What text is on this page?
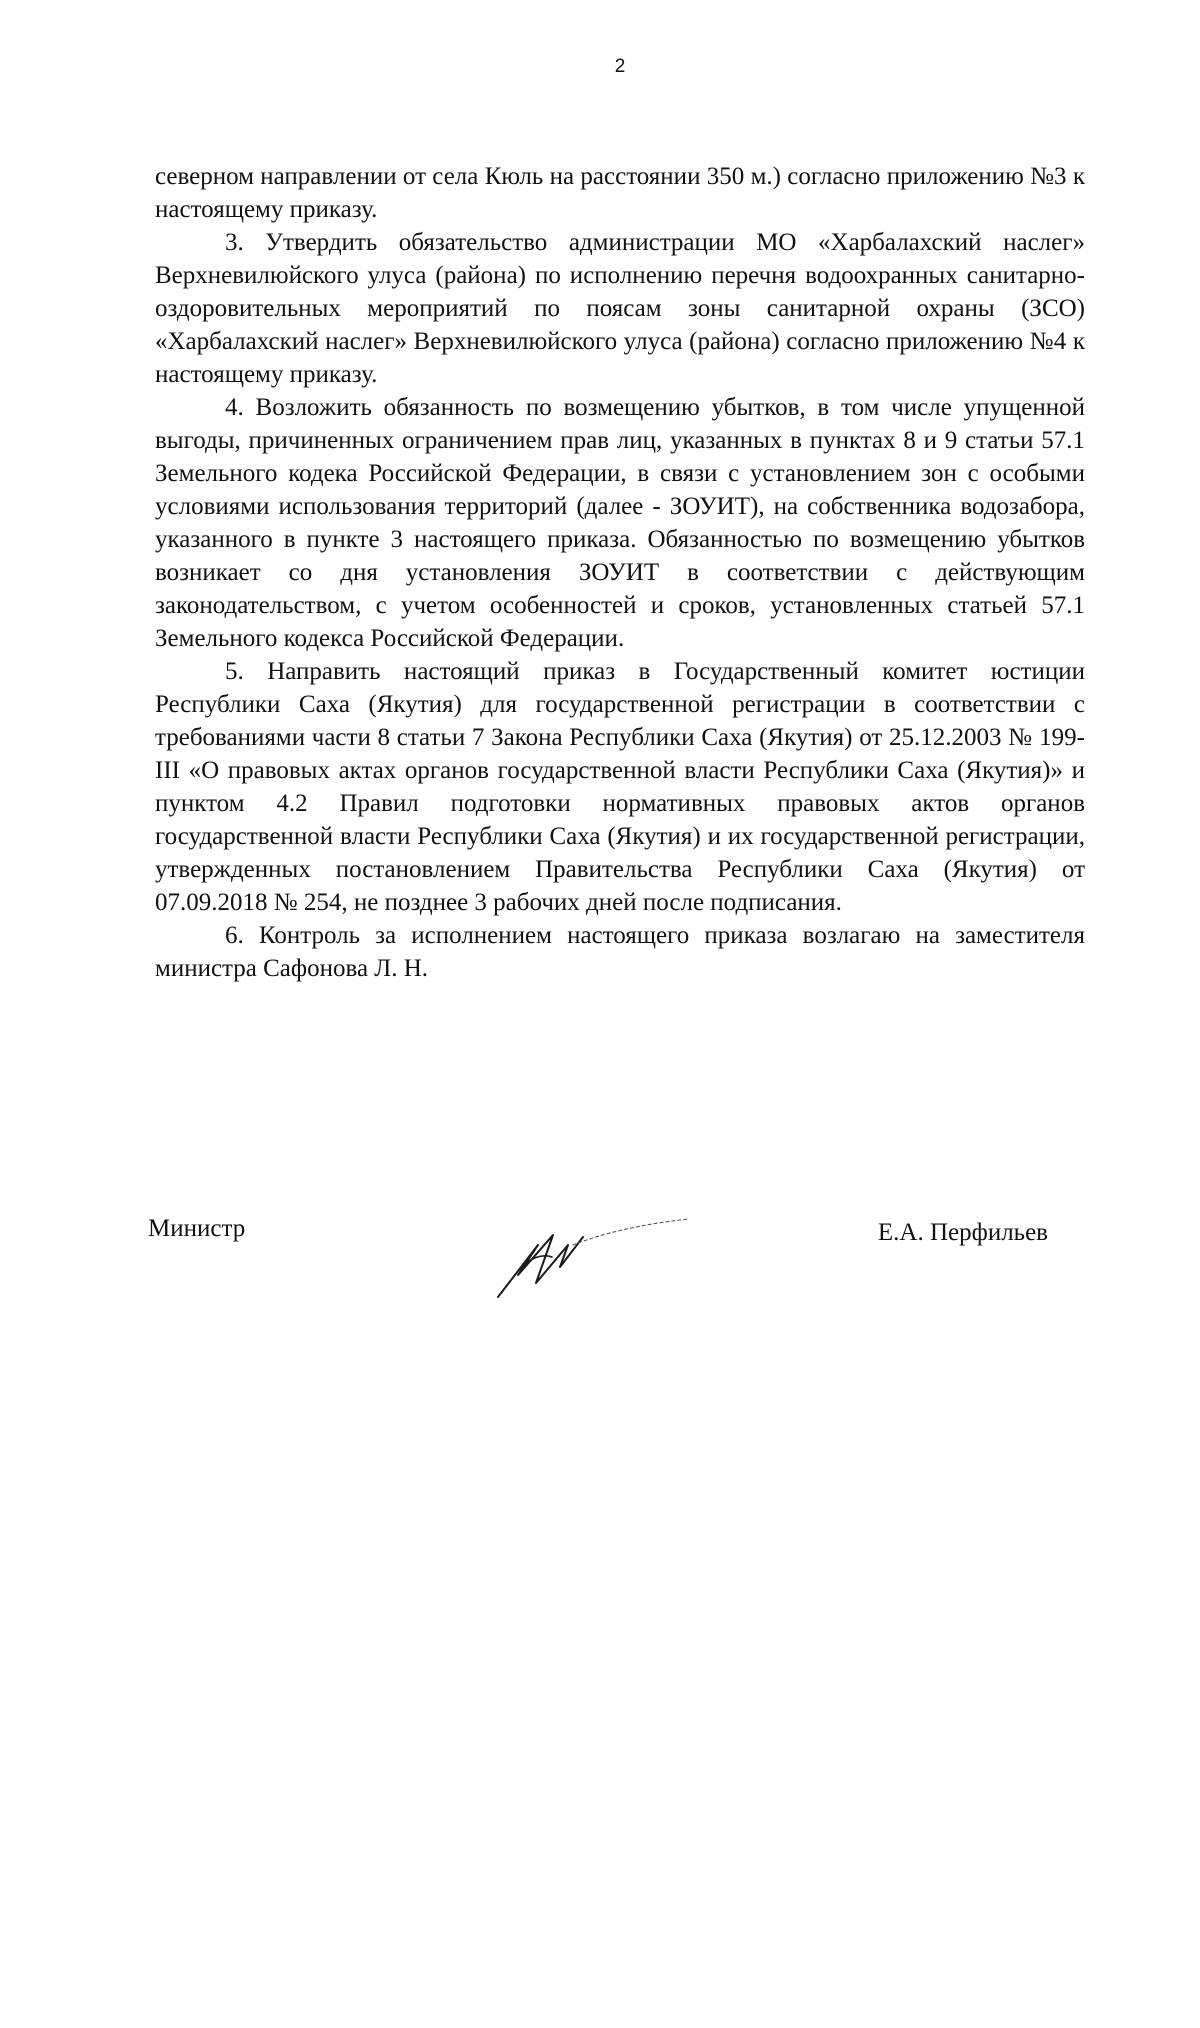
2

северном направлении от села Кюль на расстоянии 350 м.) согласно приложению №3 к настоящему приказу.

3. Утвердить обязательство администрации МО «Харбалахский наслег» Верхневилюйского улуса (района) по исполнению перечня водоохранных санитарно-оздоровительных мероприятий по поясам зоны санитарной охраны (ЗСО) «Харбалахский наслег» Верхневилюйского улуса (района) согласно приложению №4 к настоящему приказу.

4. Возложить обязанность по возмещению убытков, в том числе упущенной выгоды, причиненных ограничением прав лиц, указанных в пунктах 8 и 9 статьи 57.1 Земельного кодека Российской Федерации, в связи с установлением зон с особыми условиями использования территорий (далее - ЗОУИТ), на собственника водозабора, указанного в пункте 3 настоящего приказа. Обязанностью по возмещению убытков возникает со дня установления ЗОУИТ в соответствии с действующим законодательством, с учетом особенностей и сроков, установленных статьей 57.1 Земельного кодекса Российской Федерации.

5. Направить настоящий приказ в Государственный комитет юстиции Республики Саха (Якутия) для государственной регистрации в соответствии с требованиями части 8 статьи 7 Закона Республики Саха (Якутия) от 25.12.2003 № 199-III «О правовых актах органов государственной власти Республики Саха (Якутия)» и пунктом 4.2 Правил подготовки нормативных правовых актов органов государственной власти Республики Саха (Якутия) и их государственной регистрации, утвержденных постановлением Правительства Республики Саха (Якутия) от 07.09.2018 № 254, не позднее 3 рабочих дней после подписания.

6. Контроль за исполнением настоящего приказа возлагаю на заместителя министра Сафонова Л. Н.

Министр	Е.А. Перфильев
